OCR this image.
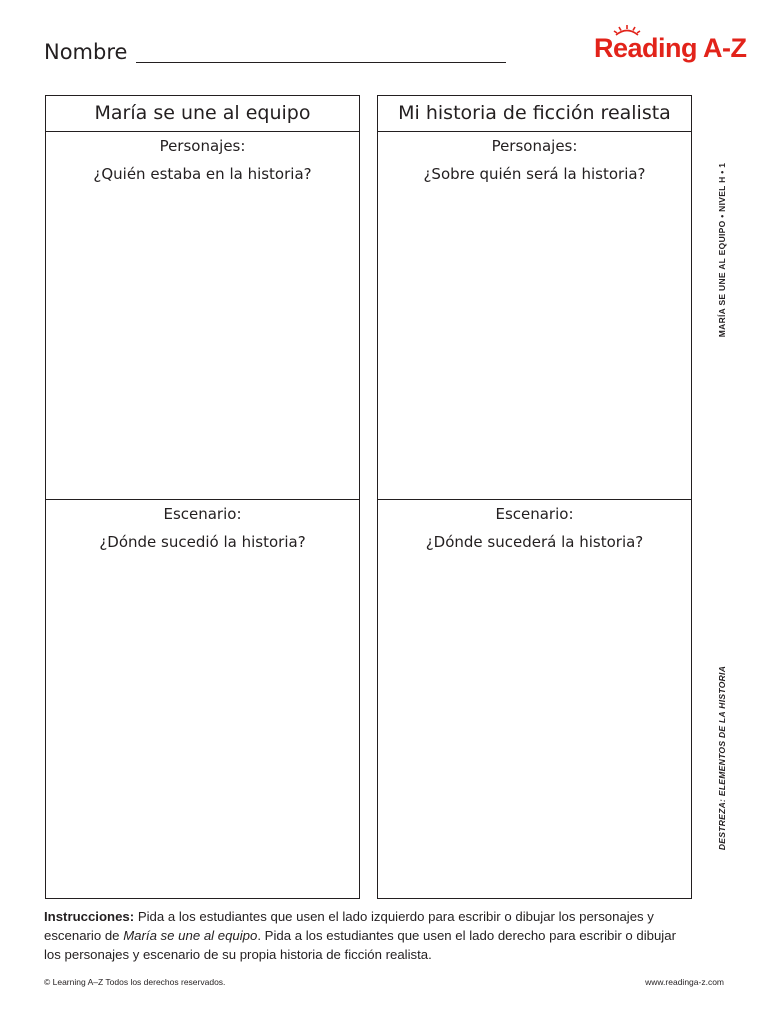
Nombre	Reading A-Z
María se une al equipo
Personajes:
¿Quién estaba en la historia?
Escenario:
¿Dónde sucedió la historia?
Mi historia de ficción realista
Personajes:
¿Sobre quién será la historia?
Escenario:
¿Dónde sucederá la historia?
MARÍA SE UNE AL EQUIPO • NIVEL H • 1
DESTREZA: ELEMENTOS DE LA HISTORIA
Instrucciones: Pida a los estudiantes que usen el lado izquierdo para escribir o dibujar los personajes y escenario de María se une al equipo. Pida a los estudiantes que usen el lado derecho para escribir o dibujar los personajes y escenario de su propia historia de ficción realista.
© Learning A–Z Todos los derechos reservados.	www.readinga-z.com
